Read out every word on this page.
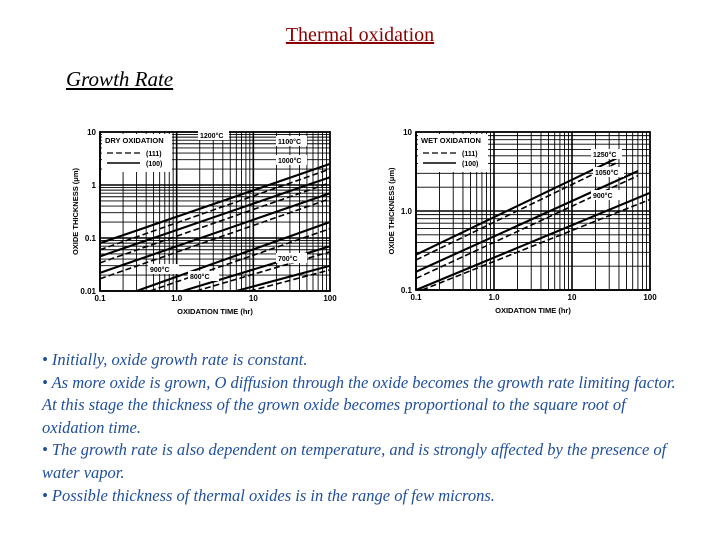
Thermal oxidation
Growth Rate
DRY OXIDATION
(111)
(100)
1200°C
1100°C
1000°C
900°C
800°C
700°C
0.1	1.0	10	100
10
1
0.1
0.01
OXIDATION TIME (hr)
OXIDE THICKNESS (μm)
WET OXIDATION
(111)
(100)
1250°C
1050°C
900°C
0.1	1.0	10	100
10
1.0
0.1
OXIDATION TIME (hr)
OXIDE THICKNESS (μm)

• Initially, oxide growth rate is constant.

• As more oxide is grown, O diffusion through the oxide becomes the growth rate limiting factor. At this stage the thickness of the grown oxide becomes proportional to the square root of oxidation time.

• The growth rate is also dependent on temperature, and is strongly affected by the presence of water vapor.

• Possible thickness of thermal oxides is in the range of few microns.
